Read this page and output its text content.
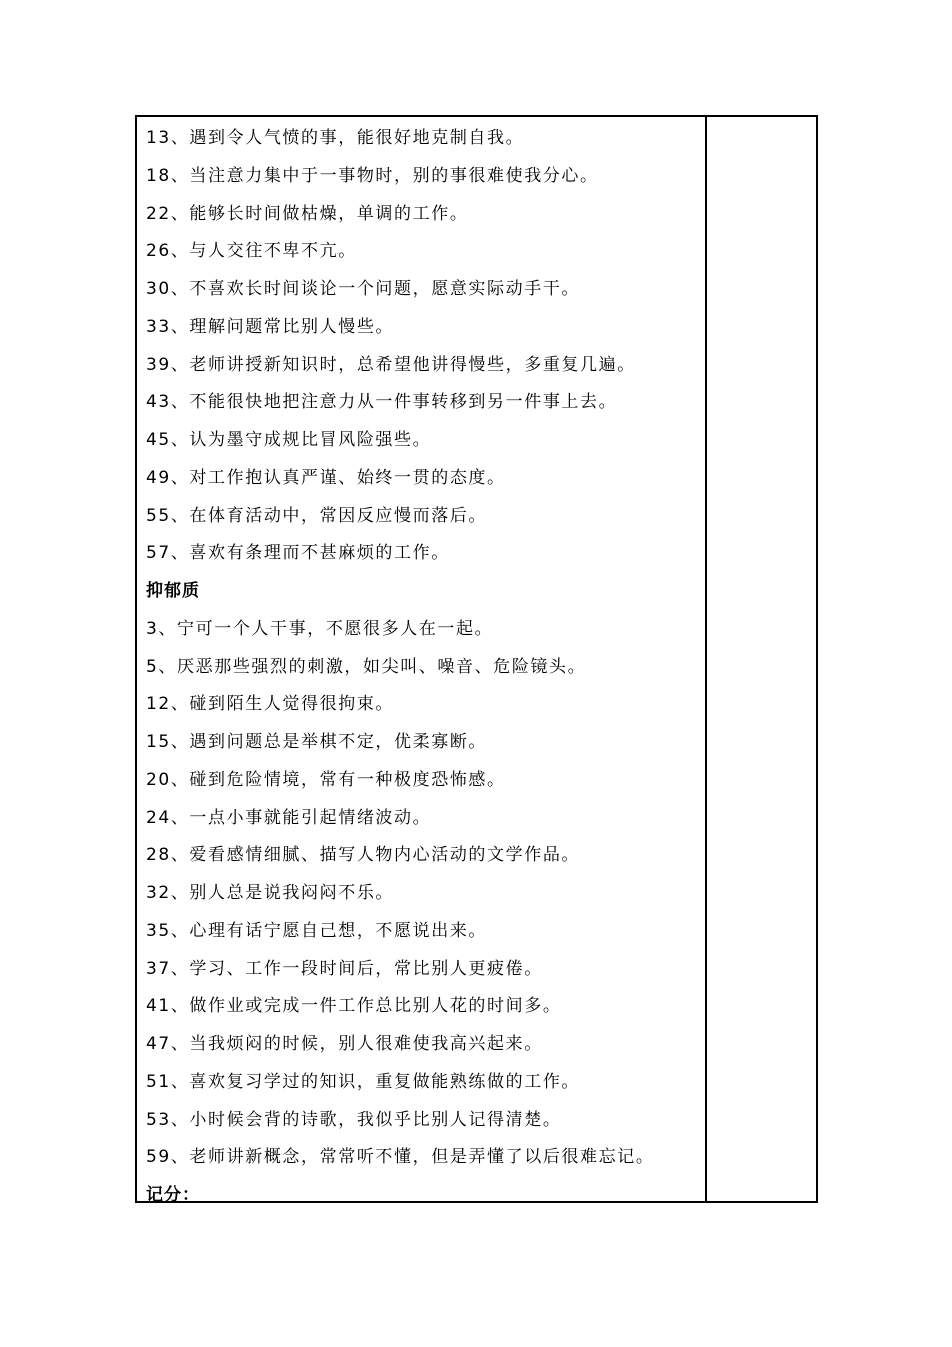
13、遇到令人气愤的事，能很好地克制自我。
18、当注意力集中于一事物时，别的事很难使我分心。
22、能够长时间做枯燥，单调的工作。
26、与人交往不卑不亢。
30、不喜欢长时间谈论一个问题，愿意实际动手干。
33、理解问题常比别人慢些。
39、老师讲授新知识时，总希望他讲得慢些，多重复几遍。
43、不能很快地把注意力从一件事转移到另一件事上去。
45、认为墨守成规比冒风险强些。
49、对工作抱认真严谨、始终一贯的态度。
55、在体育活动中，常因反应慢而落后。
57、喜欢有条理而不甚麻烦的工作。
抑郁质
3、宁可一个人干事，不愿很多人在一起。
5、厌恶那些强烈的刺激，如尖叫、噪音、危险镜头。
12、碰到陌生人觉得很拘束。
15、遇到问题总是举棋不定，优柔寡断。
20、碰到危险情境，常有一种极度恐怖感。
24、一点小事就能引起情绪波动。
28、爱看感情细腻、描写人物内心活动的文学作品。
32、别人总是说我闷闷不乐。
35、心理有话宁愿自己想，不愿说出来。
37、学习、工作一段时间后，常比别人更疲倦。
41、做作业或完成一件工作总比别人花的时间多。
47、当我烦闷的时候，别人很难使我高兴起来。
51、喜欢复习学过的知识，重复做能熟练做的工作。
53、小时候会背的诗歌，我似乎比别人记得清楚。
59、老师讲新概念，常常听不懂，但是弄懂了以后很难忘记。
记分：
